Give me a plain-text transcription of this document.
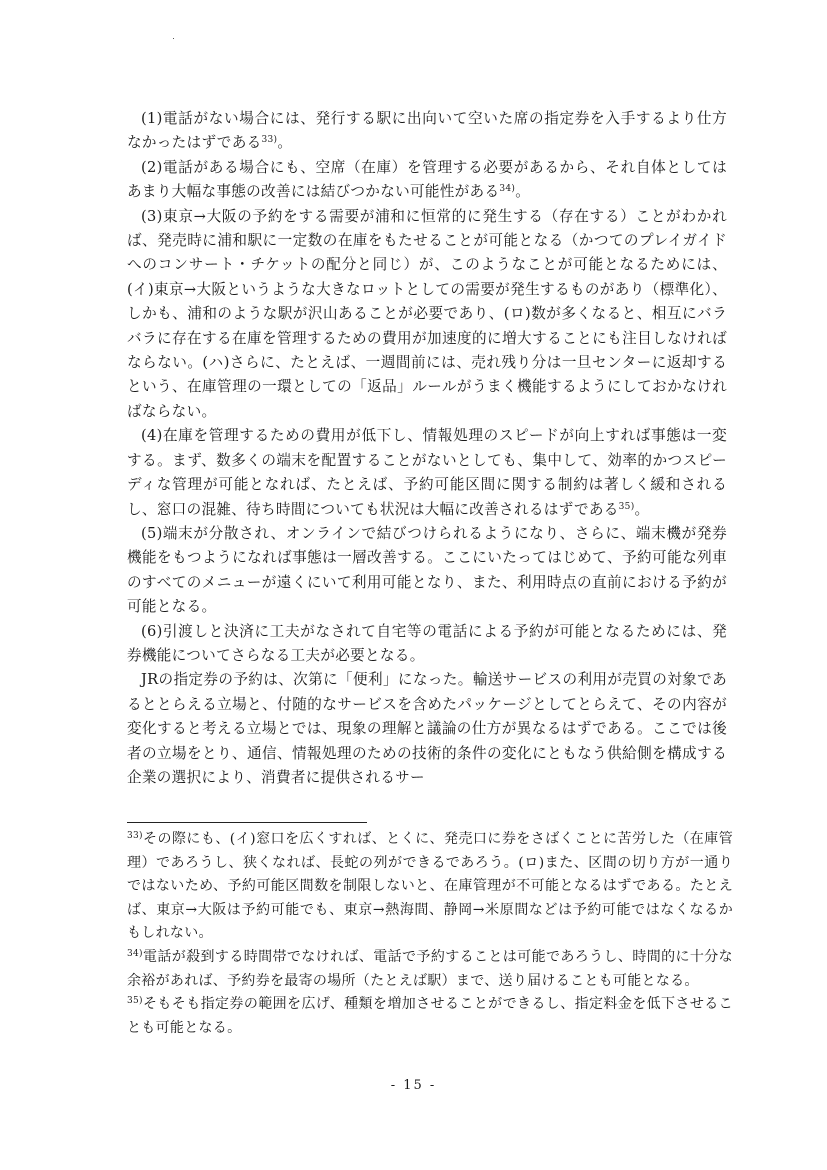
(1)電話がない場合には、発行する駅に出向いて空いた席の指定券を入手するより仕方なかったはずである$^{33)}$。

(2)電話がある場合にも、空席（在庫）を管理する必要があるから、それ自体としてはあまり大幅な事態の改善には結びつかない可能性がある$^{34)}$。

(3)東京→大阪の予約をする需要が浦和に恒常的に発生する（存在する）ことがわかれば、発売時に浦和駅に一定数の在庫をもたせることが可能となる（かつてのプレイガイドへのコンサート・チケットの配分と同じ）が、このようなことが可能となるためには、(イ)東京→大阪というような大きなロットとしての需要が発生するものがあり（標準化）、しかも、浦和のような駅が沢山あることが必要であり、(ロ)数が多くなると、相互にバラバラに存在する在庫を管理するための費用が加速度的に増大することにも注目しなければならない。(ハ)さらに、たとえば、一週間前には、売れ残り分は一旦センターに返却するという、在庫管理の一環としての「返品」ルールがうまく機能するようにしておかなければならない。

(4)在庫を管理するための費用が低下し、情報処理のスピードが向上すれば事態は一変する。まず、数多くの端末を配置することがないとしても、集中して、効率的かつスピーディな管理が可能となれば、たとえば、予約可能区間に関する制約は著しく緩和されるし、窓口の混雑、待ち時間についても状況は大幅に改善されるはずである$^{35)}$。

(5)端末が分散され、オンラインで結びつけられるようになり、さらに、端末機が発券機能をもつようになれば事態は一層改善する。ここにいたってはじめて、予約可能な列車のすべてのメニューが遠くにいて利用可能となり、また、利用時点の直前における予約が可能となる。

(6)引渡しと決済に工夫がなされて自宅等の電話による予約が可能となるためには、発券機能についてさらなる工夫が必要となる。

JRの指定券の予約は、次第に「便利」になった。輸送サービスの利用が売買の対象であるととらえる立場と、付随的なサービスを含めたパッケージとしてとらえて、その内容が変化すると考える立場とでは、現象の理解と議論の仕方が異なるはずである。ここでは後者の立場をとり、通信、情報処理のための技術的条件の変化にともなう供給側を構成する企業の選択により、消費者に提供されるサー

$^{33)}$その際にも、(イ)窓口を広くすれば、とくに、発売口に券をさばくことに苦労した（在庫管理）であろうし、狭くなれば、長蛇の列ができるであろう。(ロ)また、区間の切り方が一通りではないため、予約可能区間数を制限しないと、在庫管理が不可能となるはずである。たとえば、東京→大阪は予約可能でも、東京→熱海間、静岡→米原間などは予約可能ではなくなるかもしれない。

$^{34)}$電話が殺到する時間帯でなければ、電話で予約することは可能であろうし、時間的に十分な余裕があれば、予約券を最寄の場所（たとえば駅）まで、送り届けることも可能となる。

$^{35)}$そもそも指定券の範囲を広げ、種類を増加させることができるし、指定料金を低下させることも可能となる。

- 15 -
